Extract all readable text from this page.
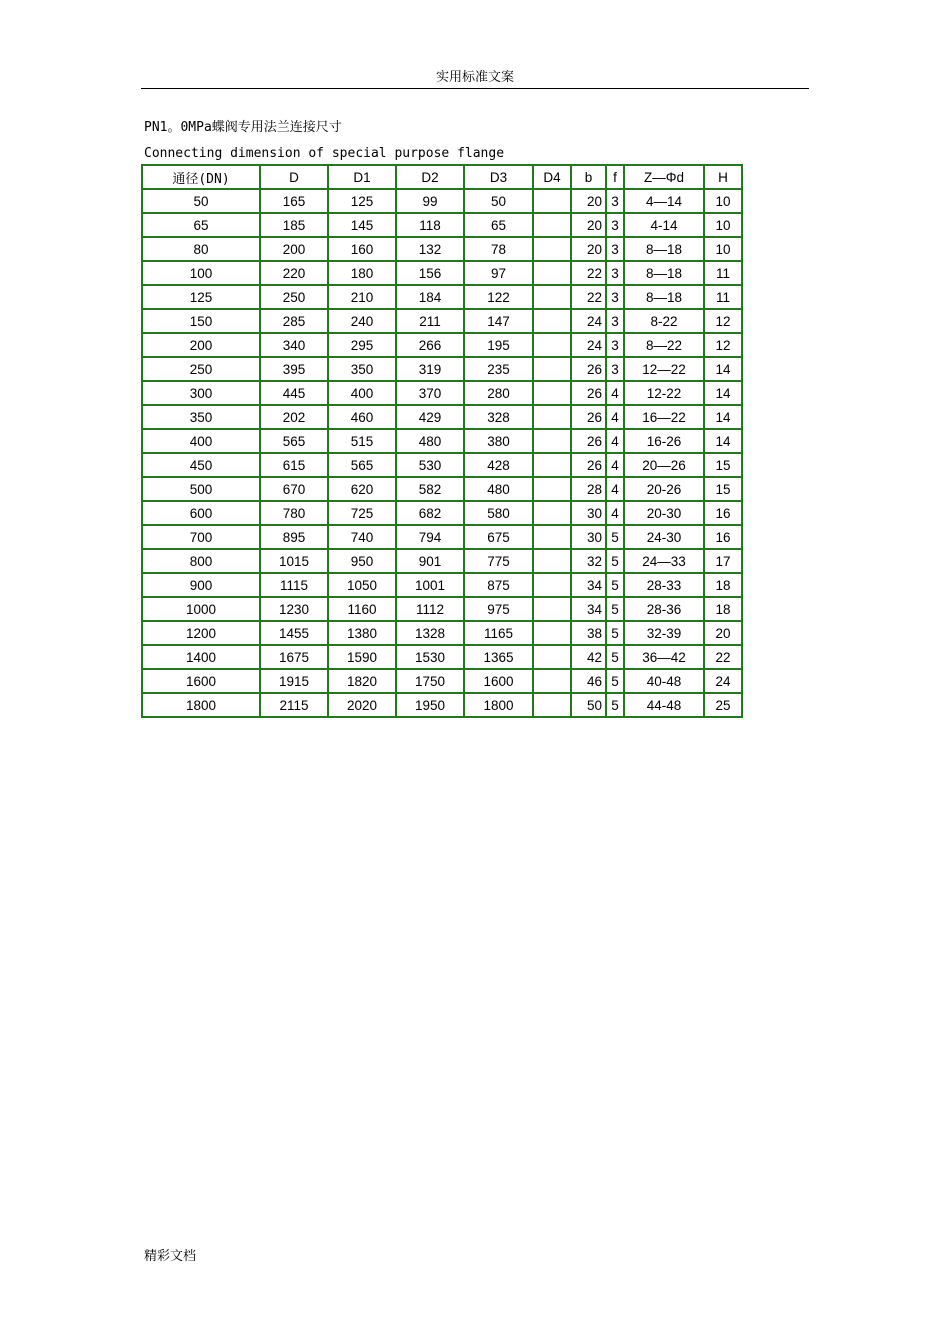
实用标准文案
PN1。0MPa蝶阀专用法兰连接尺寸
Connecting dimension of special purpose flange
通径(DN)	D	D1	D2	D3	D4	b	f	Z—Φd	H
50	165	125	99	50		20	3	4—14	10
65	185	145	118	65		20	3	4-14	10
80	200	160	132	78		20	3	8—18	10
100	220	180	156	97		22	3	8—18	11
125	250	210	184	122		22	3	8—18	11
150	285	240	211	147		24	3	8-22	12
200	340	295	266	195		24	3	8—22	12
250	395	350	319	235		26	3	12—22	14
300	445	400	370	280		26	4	12-22	14
350	202	460	429	328		26	4	16—22	14
400	565	515	480	380		26	4	16-26	14
450	615	565	530	428		26	4	20—26	15
500	670	620	582	480		28	4	20-26	15
600	780	725	682	580		30	4	20-30	16
700	895	740	794	675		30	5	24-30	16
800	1015	950	901	775		32	5	24—33	17
900	1115	1050	1001	875		34	5	28-33	18
1000	1230	1160	1112	975		34	5	28-36	18
1200	1455	1380	1328	1165		38	5	32-39	20
1400	1675	1590	1530	1365		42	5	36—42	22
1600	1915	1820	1750	1600		46	5	40-48	24
1800	2115	2020	1950	1800		50	5	44-48	25
精彩文档
